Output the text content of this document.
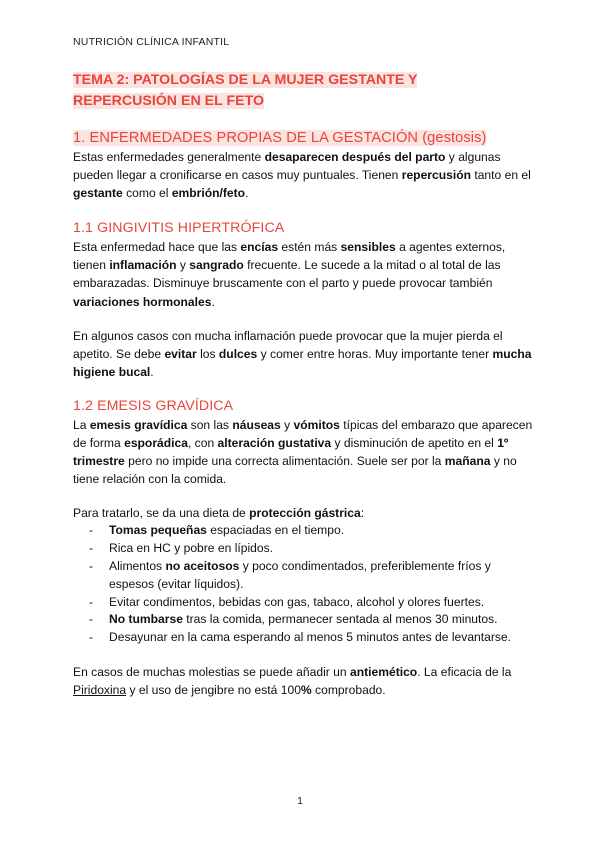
NUTRICIÓN CLÍNICA INFANTIL
TEMA 2: PATOLOGÍAS DE LA MUJER GESTANTE Y
REPERCUSIÓN EN EL FETO
1. ENFERMEDADES PROPIAS DE LA GESTACIÓN (gestosis)

Estas enfermedades generalmente desaparecen después del parto y algunas pueden llegar a cronificarse en casos muy puntuales. Tienen repercusión tanto en el gestante como el embrión/feto.

1.1 GINGIVITIS HIPERTRÓFICA

Esta enfermedad hace que las encías estén más sensibles a agentes externos, tienen inflamación y sangrado frecuente. Le sucede a la mitad o al total de las embarazadas. Disminuye bruscamente con el parto y puede provocar también variaciones hormonales.

En algunos casos con mucha inflamación puede provocar que la mujer pierda el apetito. Se debe evitar los dulces y comer entre horas. Muy importante tener mucha higiene bucal.

1.2 EMESIS GRAVÍDICA

La emesis gravídica son las náuseas y vómitos típicas del embarazo que aparecen de forma esporádica, con alteración gustativa y disminución de apetito en el 1º trimestre pero no impide una correcta alimentación. Suele ser por la mañana y no tiene relación con la comida.

Para tratarlo, se da una dieta de protección gástrica:

- Tomas pequeñas espaciadas en el tiempo.
- Rica en HC y pobre en lípidos.
- Alimentos no aceitosos y poco condimentados, preferiblemente fríos y espesos (evitar líquidos).
- Evitar condimentos, bebidas con gas, tabaco, alcohol y olores fuertes.
- No tumbarse tras la comida, permanecer sentada al menos 30 minutos.
- Desayunar en la cama esperando al menos 5 minutos antes de levantarse.

En casos de muchas molestias se puede añadir un antiemético. La eficacia de la Piridoxina y el uso de jengibre no está 100% comprobado.

1
